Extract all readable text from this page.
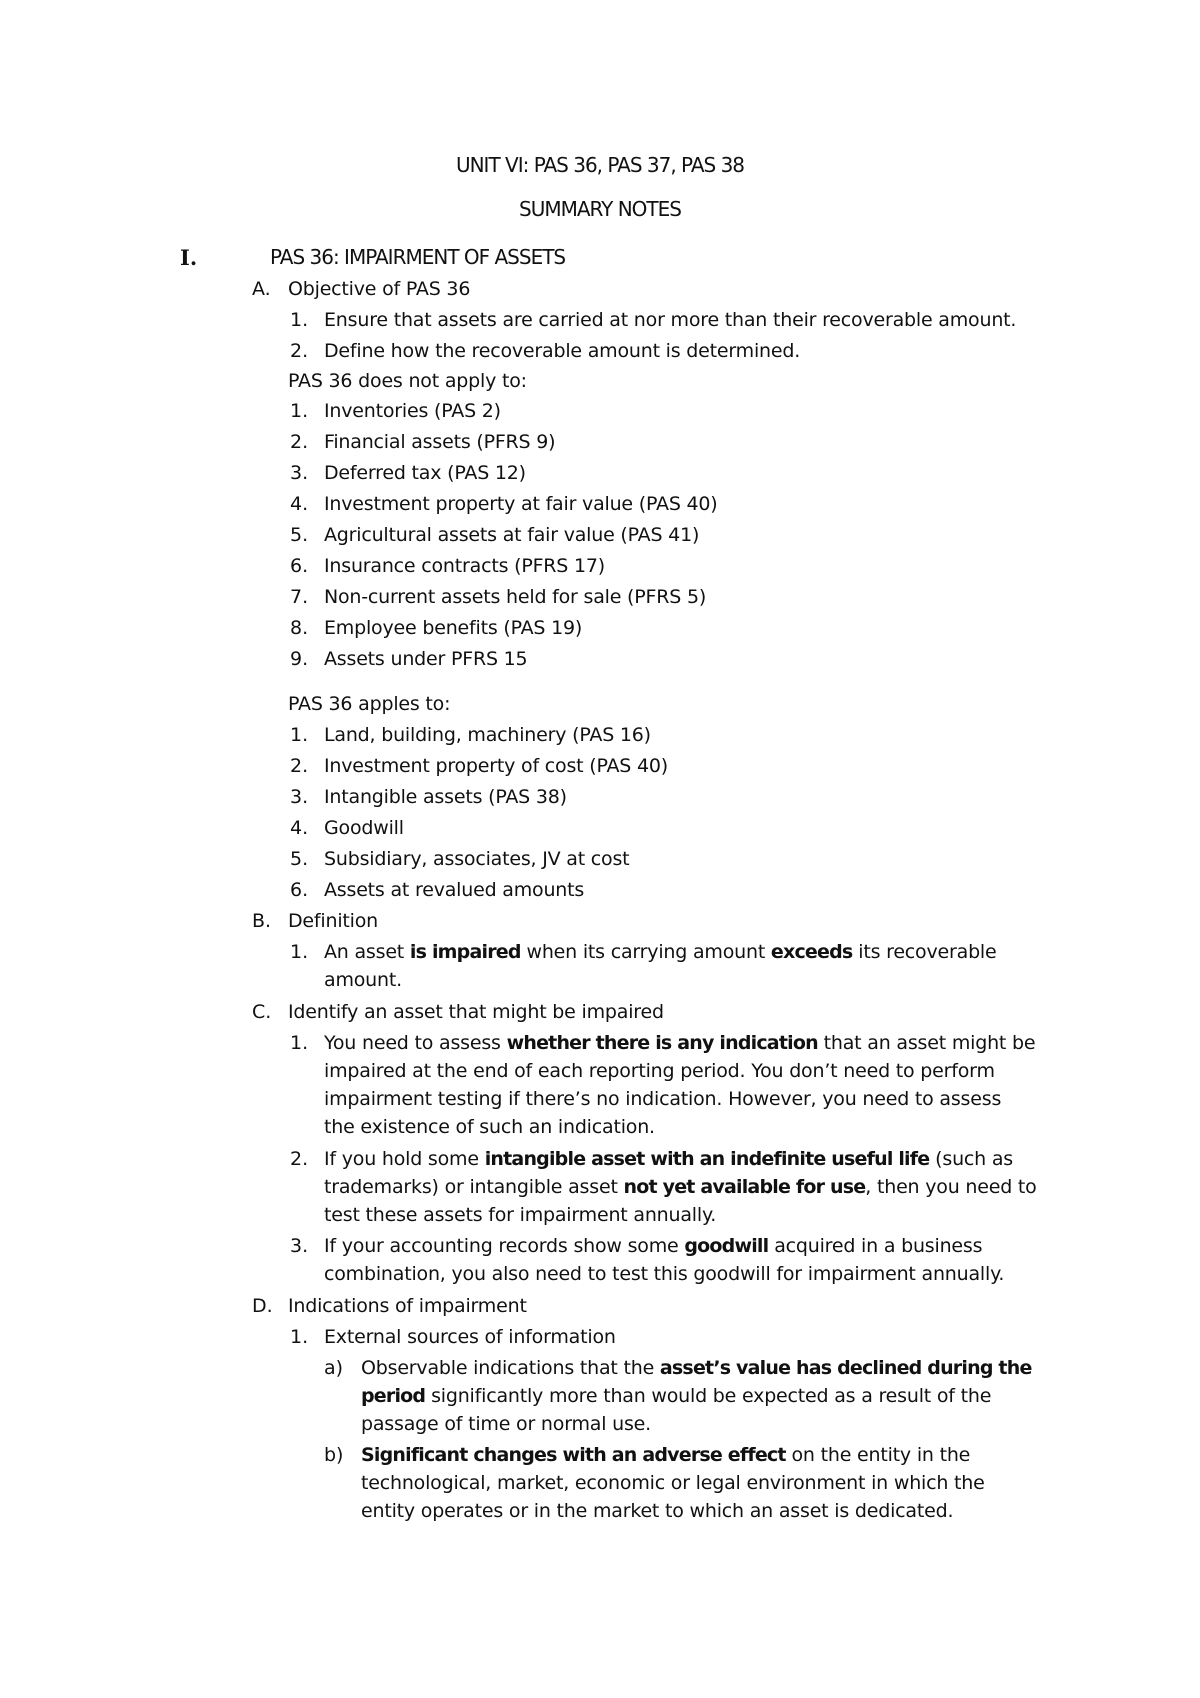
UNIT VI: PAS 36, PAS 37, PAS 38
SUMMARY NOTES
I.	PAS 36: IMPAIRMENT OF ASSETS
A. Objective of PAS 36
1. Ensure that assets are carried at nor more than their recoverable amount.
2. Define how the recoverable amount is determined.
PAS 36 does not apply to:
1. Inventories (PAS 2)
2. Financial assets (PFRS 9)
3. Deferred tax (PAS 12)
4. Investment property at fair value (PAS 40)
5. Agricultural assets at fair value (PAS 41)
6. Insurance contracts (PFRS 17)
7. Non-current assets held for sale (PFRS 5)
8. Employee benefits (PAS 19)
9. Assets under PFRS 15
PAS 36 apples to:
1. Land, building, machinery (PAS 16)
2. Investment property of cost (PAS 40)
3. Intangible assets (PAS 38)
4. Goodwill
5. Subsidiary, associates, JV at cost
6. Assets at revalued amounts
B. Definition
1. An asset is impaired when its carrying amount exceeds its recoverable
amount.
C. Identify an asset that might be impaired
1. You need to assess whether there is any indication that an asset might be
impaired at the end of each reporting period. You don’t need to perform
impairment testing if there’s no indication. However, you need to assess
the existence of such an indication.
2. If you hold some intangible asset with an indefinite useful life (such as
trademarks) or intangible asset not yet available for use, then you need to
test these assets for impairment annually.
3. If your accounting records show some goodwill acquired in a business
combination, you also need to test this goodwill for impairment annually.
D. Indications of impairment
1. External sources of information
a) Observable indications that the asset’s value has declined during the
period significantly more than would be expected as a result of the
passage of time or normal use.
b) Significant changes with an adverse effect on the entity in the
technological, market, economic or legal environment in which the
entity operates or in the market to which an asset is dedicated.
